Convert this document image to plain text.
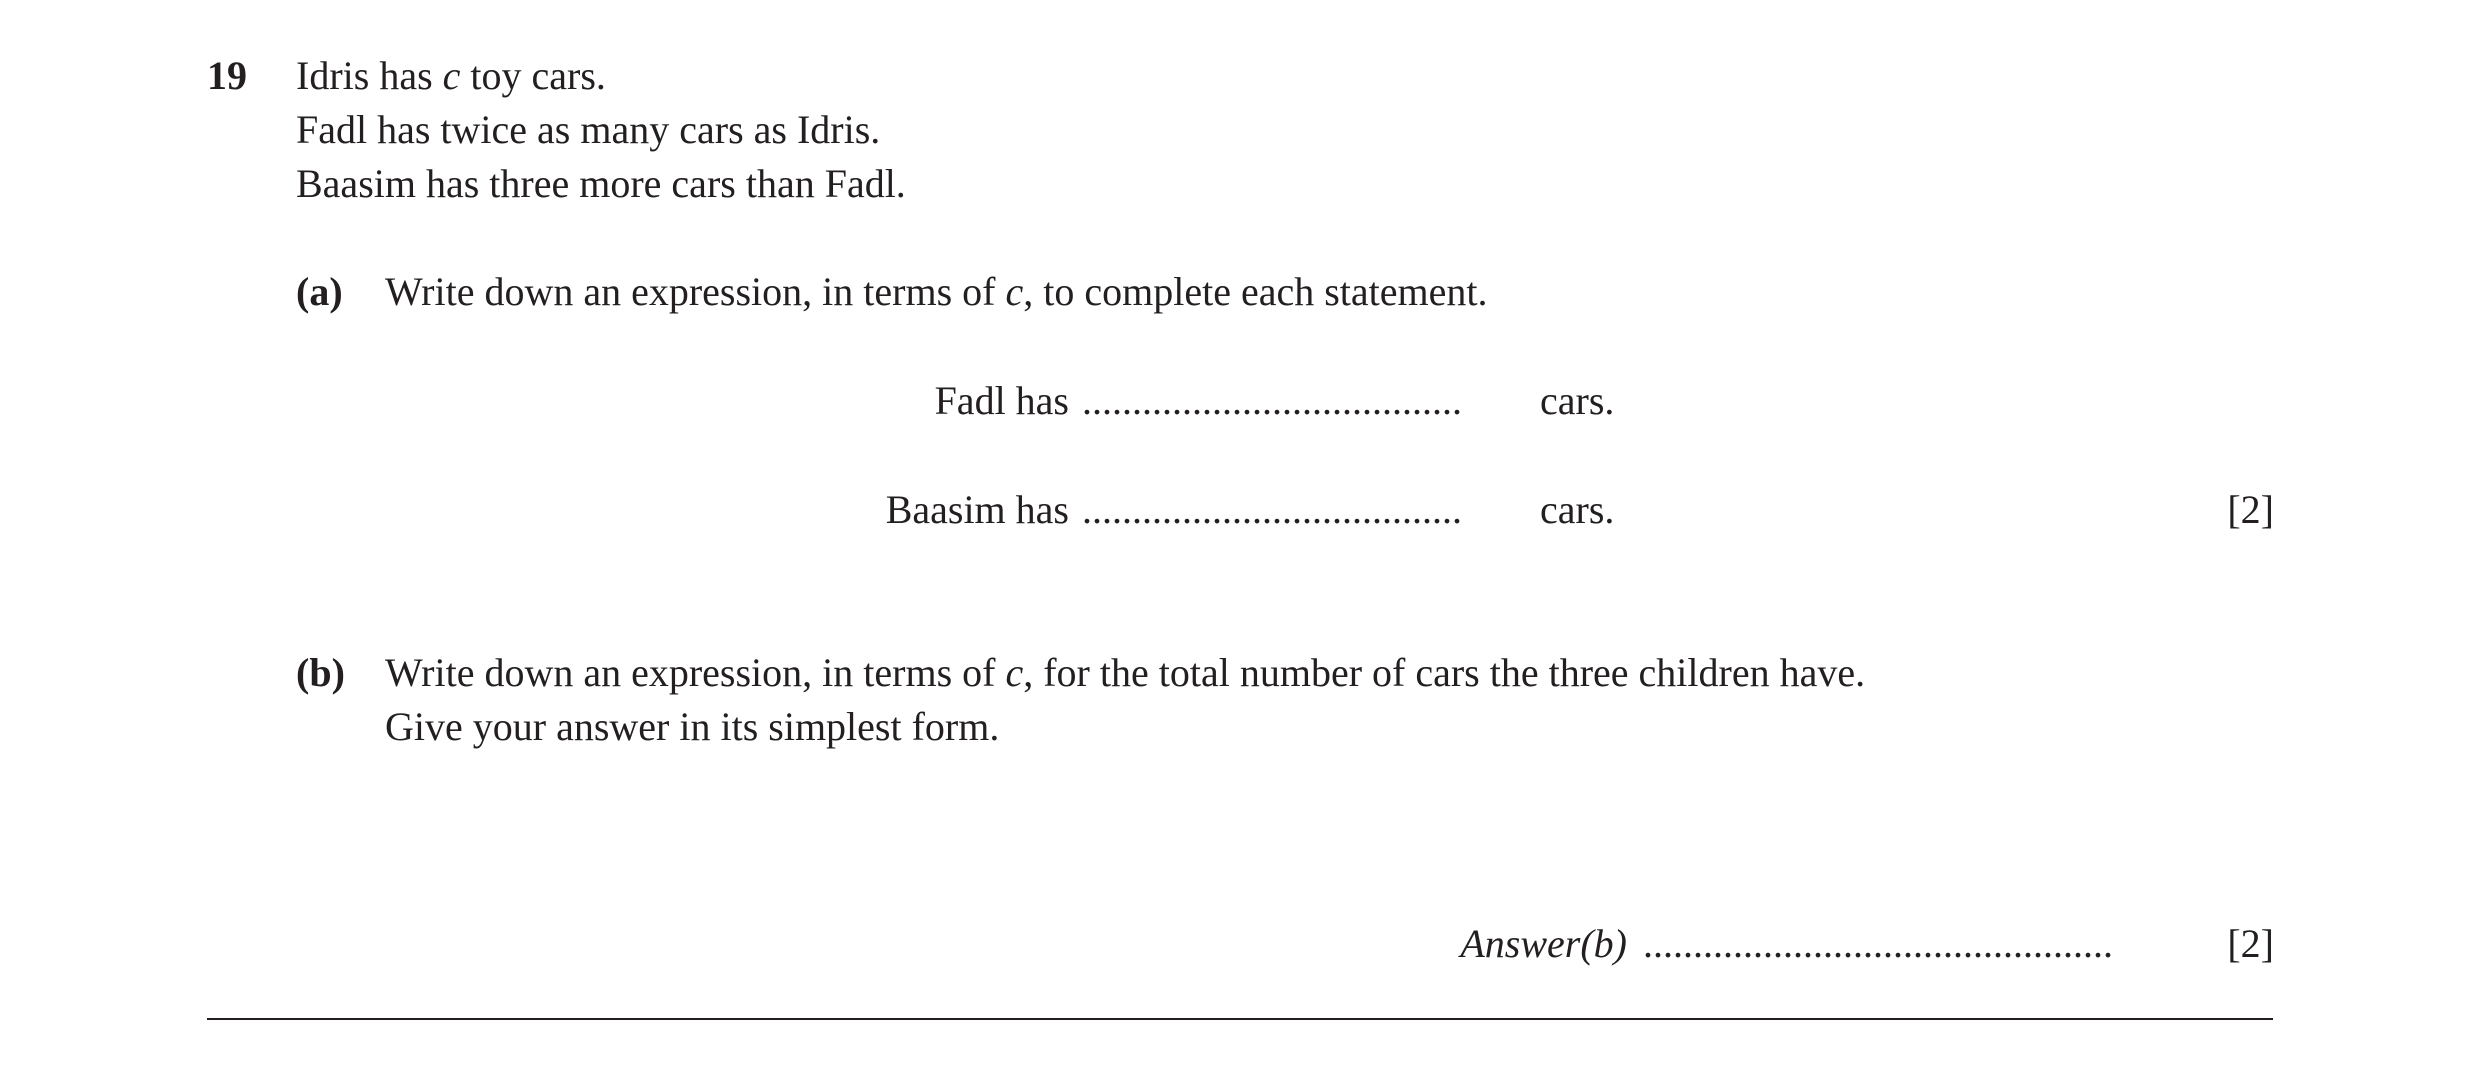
19 Idris has c toy cars.
Fadl has twice as many cars as Idris.
Baasim has three more cars than Fadl.
(a) Write down an expression, in terms of c, to complete each statement.
Fadl has ...................................... cars.
Baasim has ...................................... cars.	[2]
(b) Write down an expression, in terms of c, for the total number of cars the three children have.
Give your answer in its simplest form.
Answer(b) ...............................................	[2]
